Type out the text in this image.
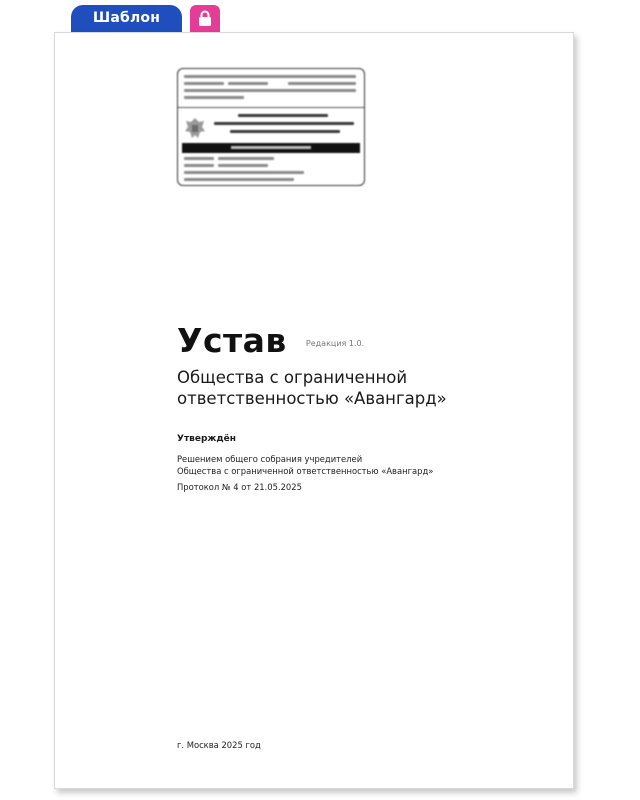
Шаблон
Устав Редакция 1.0.
Общества с ограниченной ответственностью «Авангард»
Утверждён
Решением общего собрания учредителей
Общества с ограниченной ответственностью «Авангард»
Протокол № 4 от 21.05.2025
г. Москва 2025 год
